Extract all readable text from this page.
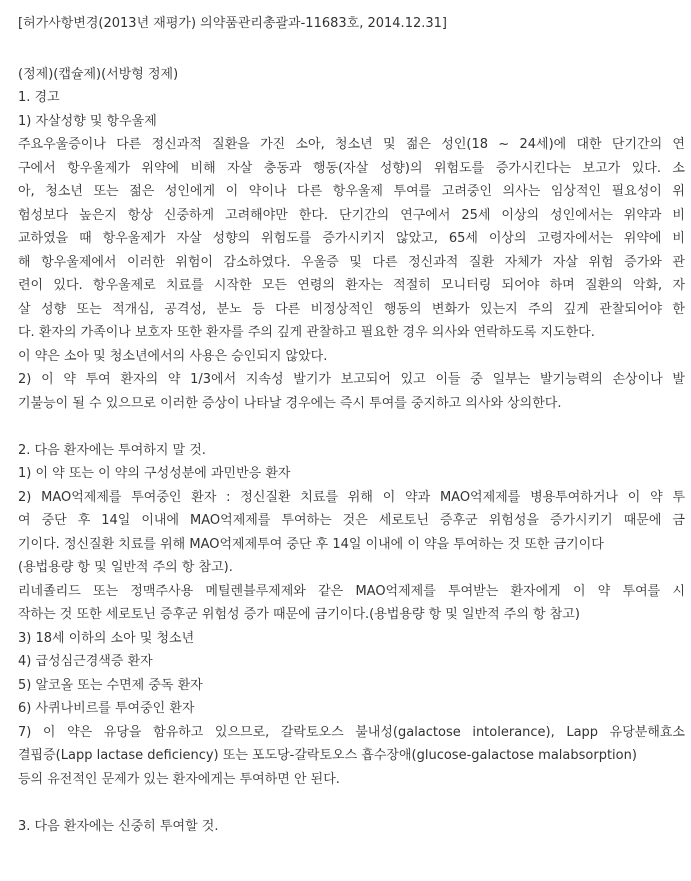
[허가사항변경(2013년 재평가) 의약품관리총괄과-11683호, 2014.12.31]

(정제)(캡슐제)(서방형 정제)

1. 경고

1) 자살성향 및 항우울제

주요우울증이나 다른 정신과적 질환을 가진 소아, 청소년 및 젊은 성인(18 ~ 24세)에 대한 단기간의 연

구에서 항우울제가 위약에 비해 자살 충동과 행동(자살 성향)의 위험도를 증가시킨다는 보고가 있다. 소

아, 청소년 또는 젊은 성인에게 이 약이나 다른 항우울제 투여를 고려중인 의사는 임상적인 필요성이 위

험성보다 높은지 항상 신중하게 고려해야만 한다. 단기간의 연구에서 25세 이상의 성인에서는 위약과 비

교하였을 때 항우울제가 자살 성향의 위험도를 증가시키지 않았고, 65세 이상의 고령자에서는 위약에 비

해 항우울제에서 이러한 위험이 감소하였다. 우울증 및 다른 정신과적 질환 자체가 자살 위험 증가와 관

련이 있다. 항우울제로 치료를 시작한 모든 연령의 환자는 적절히 모니터링 되어야 하며 질환의 악화, 자

살 성향 또는 적개심, 공격성, 분노 등 다른 비정상적인 행동의 변화가 있는지 주의 깊게 관찰되어야 한

다. 환자의 가족이나 보호자 또한 환자를 주의 깊게 관찰하고 필요한 경우 의사와 연락하도록 지도한다.

이 약은 소아 및 청소년에서의 사용은 승인되지 않았다.

2) 이 약 투여 환자의 약 1/3에서 지속성 발기가 보고되어 있고 이들 중 일부는 발기능력의 손상이나 발

기불능이 될 수 있으므로 이러한 증상이 나타날 경우에는 즉시 투여를 중지하고 의사와 상의한다.

2. 다음 환자에는 투여하지 말 것.

1) 이 약 또는 이 약의 구성성분에 과민반응 환자

2) MAO억제제를 투여중인 환자 : 정신질환 치료를 위해 이 약과 MAO억제제를 병용투여하거나 이 약 투

여 중단 후 14일 이내에 MAO억제제를 투여하는 것은 세로토닌 증후군 위험성을 증가시키기 때문에 금

기이다. 정신질환 치료를 위해 MAO억제제투여 중단 후 14일 이내에 이 약을 투여하는 것 또한 금기이다

(용법용량 항 및 일반적 주의 항 참고).

리네졸리드 또는 정맥주사용 메틸렌블루제제와 같은 MAO억제제를 투여받는 환자에게 이 약 투여를 시

작하는 것 또한 세로토닌 증후군 위험성 증가 때문에 금기이다.(용법용량 항 및 일반적 주의 항 참고)

3) 18세 이하의 소아 및 청소년

4) 급성심근경색증 환자

5) 알코올 또는 수면제 중독 환자

6) 사퀴나비르를 투여중인 환자

7) 이 약은 유당을 함유하고 있으므로, 갈락토오스 불내성(galactose intolerance), Lapp 유당분해효소

결핍증(Lapp lactase deficiency) 또는 포도당-갈락토오스 흡수장애(glucose-galactose malabsorption)

등의 유전적인 문제가 있는 환자에게는 투여하면 안 된다.

3. 다음 환자에는 신중히 투여할 것.
